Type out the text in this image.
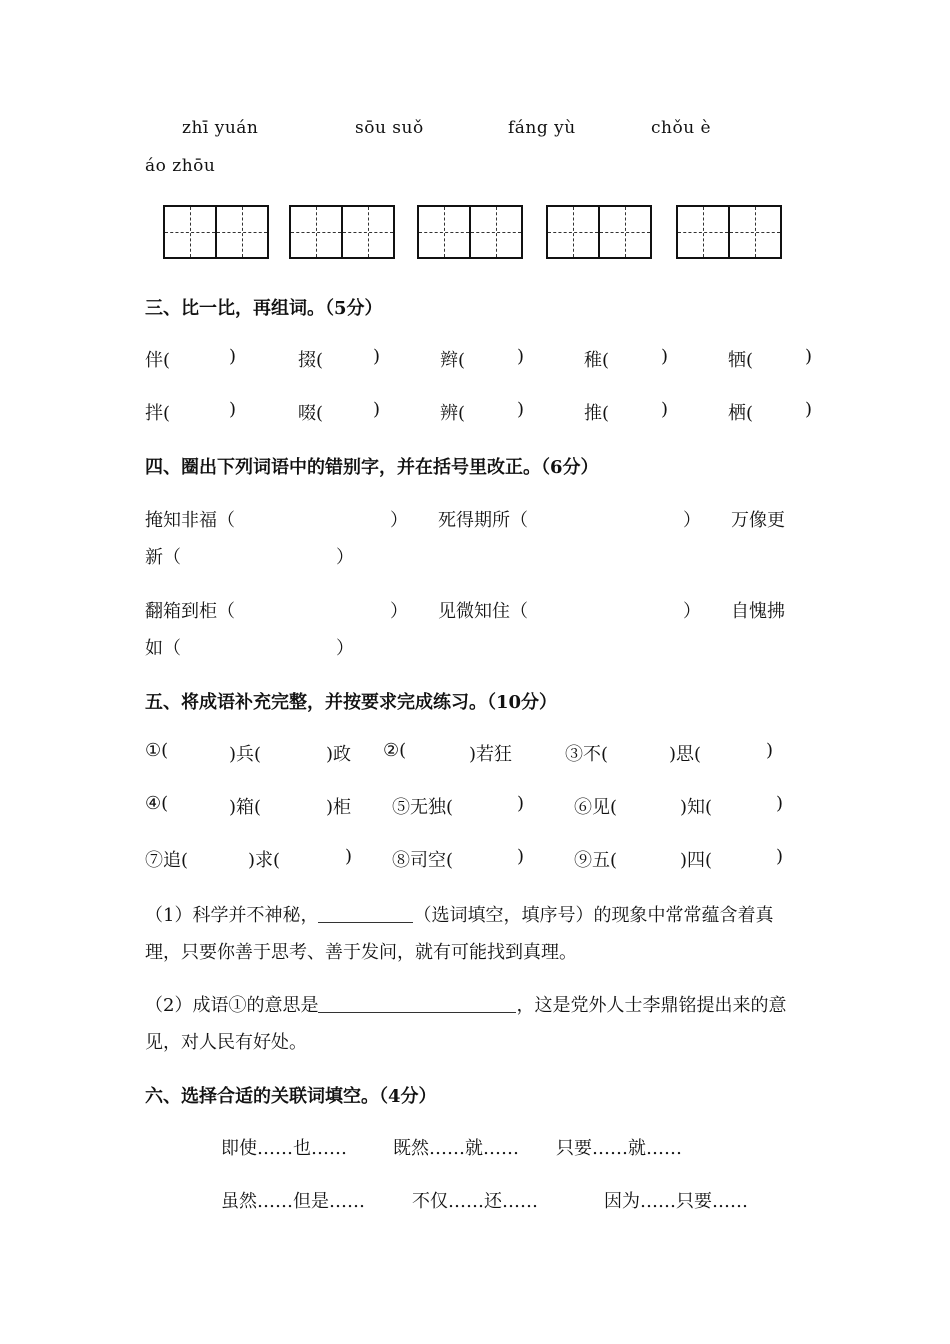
zhī yuán	sōu suǒ	fáng yù	chǒu è
áo zhōu
三、比一比，再组词。（5分）
伴(	)	掇(	)	辫(	)	稚(	)	牺(	)
拌(	)	啜(	)	辨(	)	推(	)	栖(	)
四、圈出下列词语中的错别字，并在括号里改正。（6分）
掩知非福（	） 死得期所（	） 万像更
新（	）
翻箱到柜（	） 见微知住（	） 自愧拂
如（	）
五、将成语补充完整，并按要求完成练习。（10分）
①(	)兵(	)政 ②(	)若狂	③不(	)思(	)
④(	)箱(	)柜 ⑤无独(	)	⑥见(	)知(	)
⑦追(	)求(	) ⑧司空(	)	⑨五(	)四(	)
（1）科学并不神秘，	（选词填空，填序号）的现象中常常蕴含着真
理，只要你善于思考、善于发问，就有可能找到真理。
（2）成语①的意思是	，这是党外人士李鼎铭提出来的意
见，对人民有好处。
六、选择合适的关联词填空。（4分）
即使……也……	既然……就…… 只要……就……
虽然……但是……	不仅……还……	因为……只要……
